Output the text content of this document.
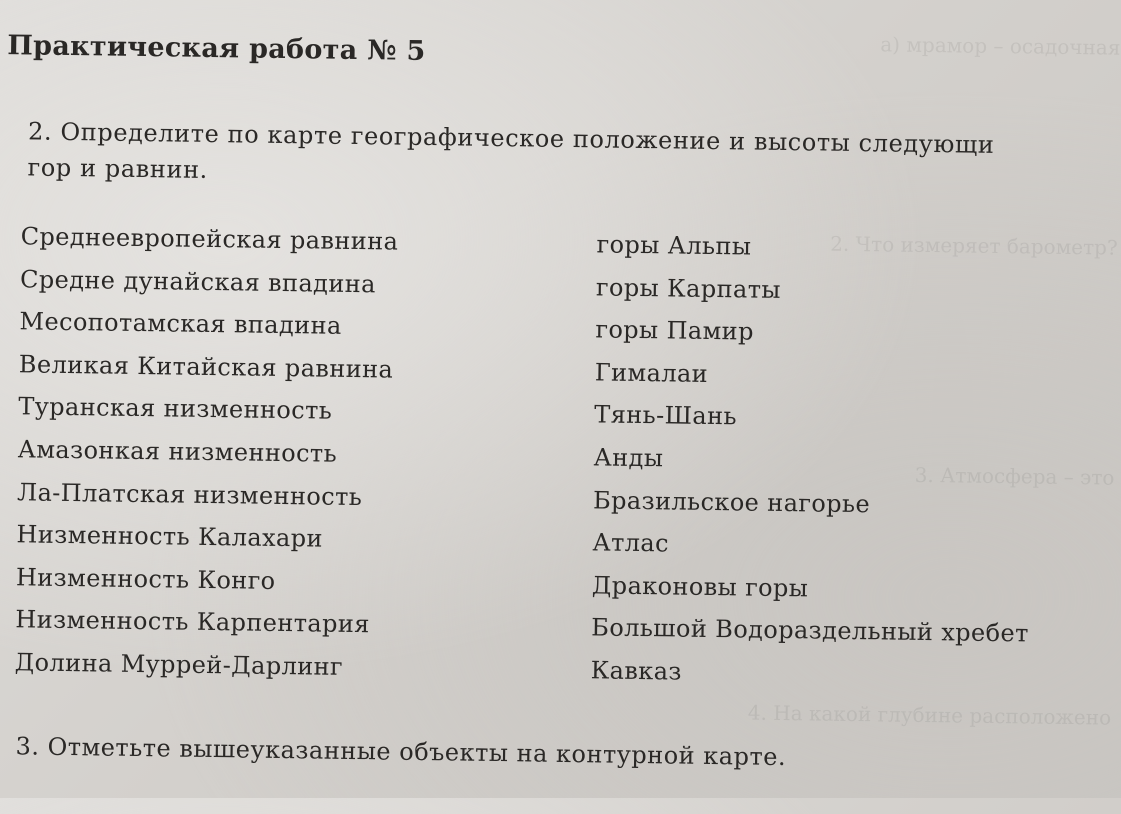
а) мрамор – осадочная
2. Что измеряет барометр?
3. Атмосфера – это
4. На какой глубине расположено
Практическая работа № 5
2. Определите по карте географическое положение и высоты следующи
гор и равнин.
Среднеевропейская равнина
Средне дунайская впадина
Месопотамская впадина
Великая Китайская равнина
Туранская низменность
Амазонкая низменность
Ла-Платская низменность
Низменность Калахари
Низменность Конго
Низменность Карпентария
Долина Муррей-Дарлинг
горы Альпы
горы Карпаты
горы Памир
Гималаи
Тянь-Шань
Анды
Бразильское нагорье
Атлас
Драконовы горы
Большой Водораздельный хребет
Кавказ
3. Отметьте вышеуказанные объекты на контурной карте.
